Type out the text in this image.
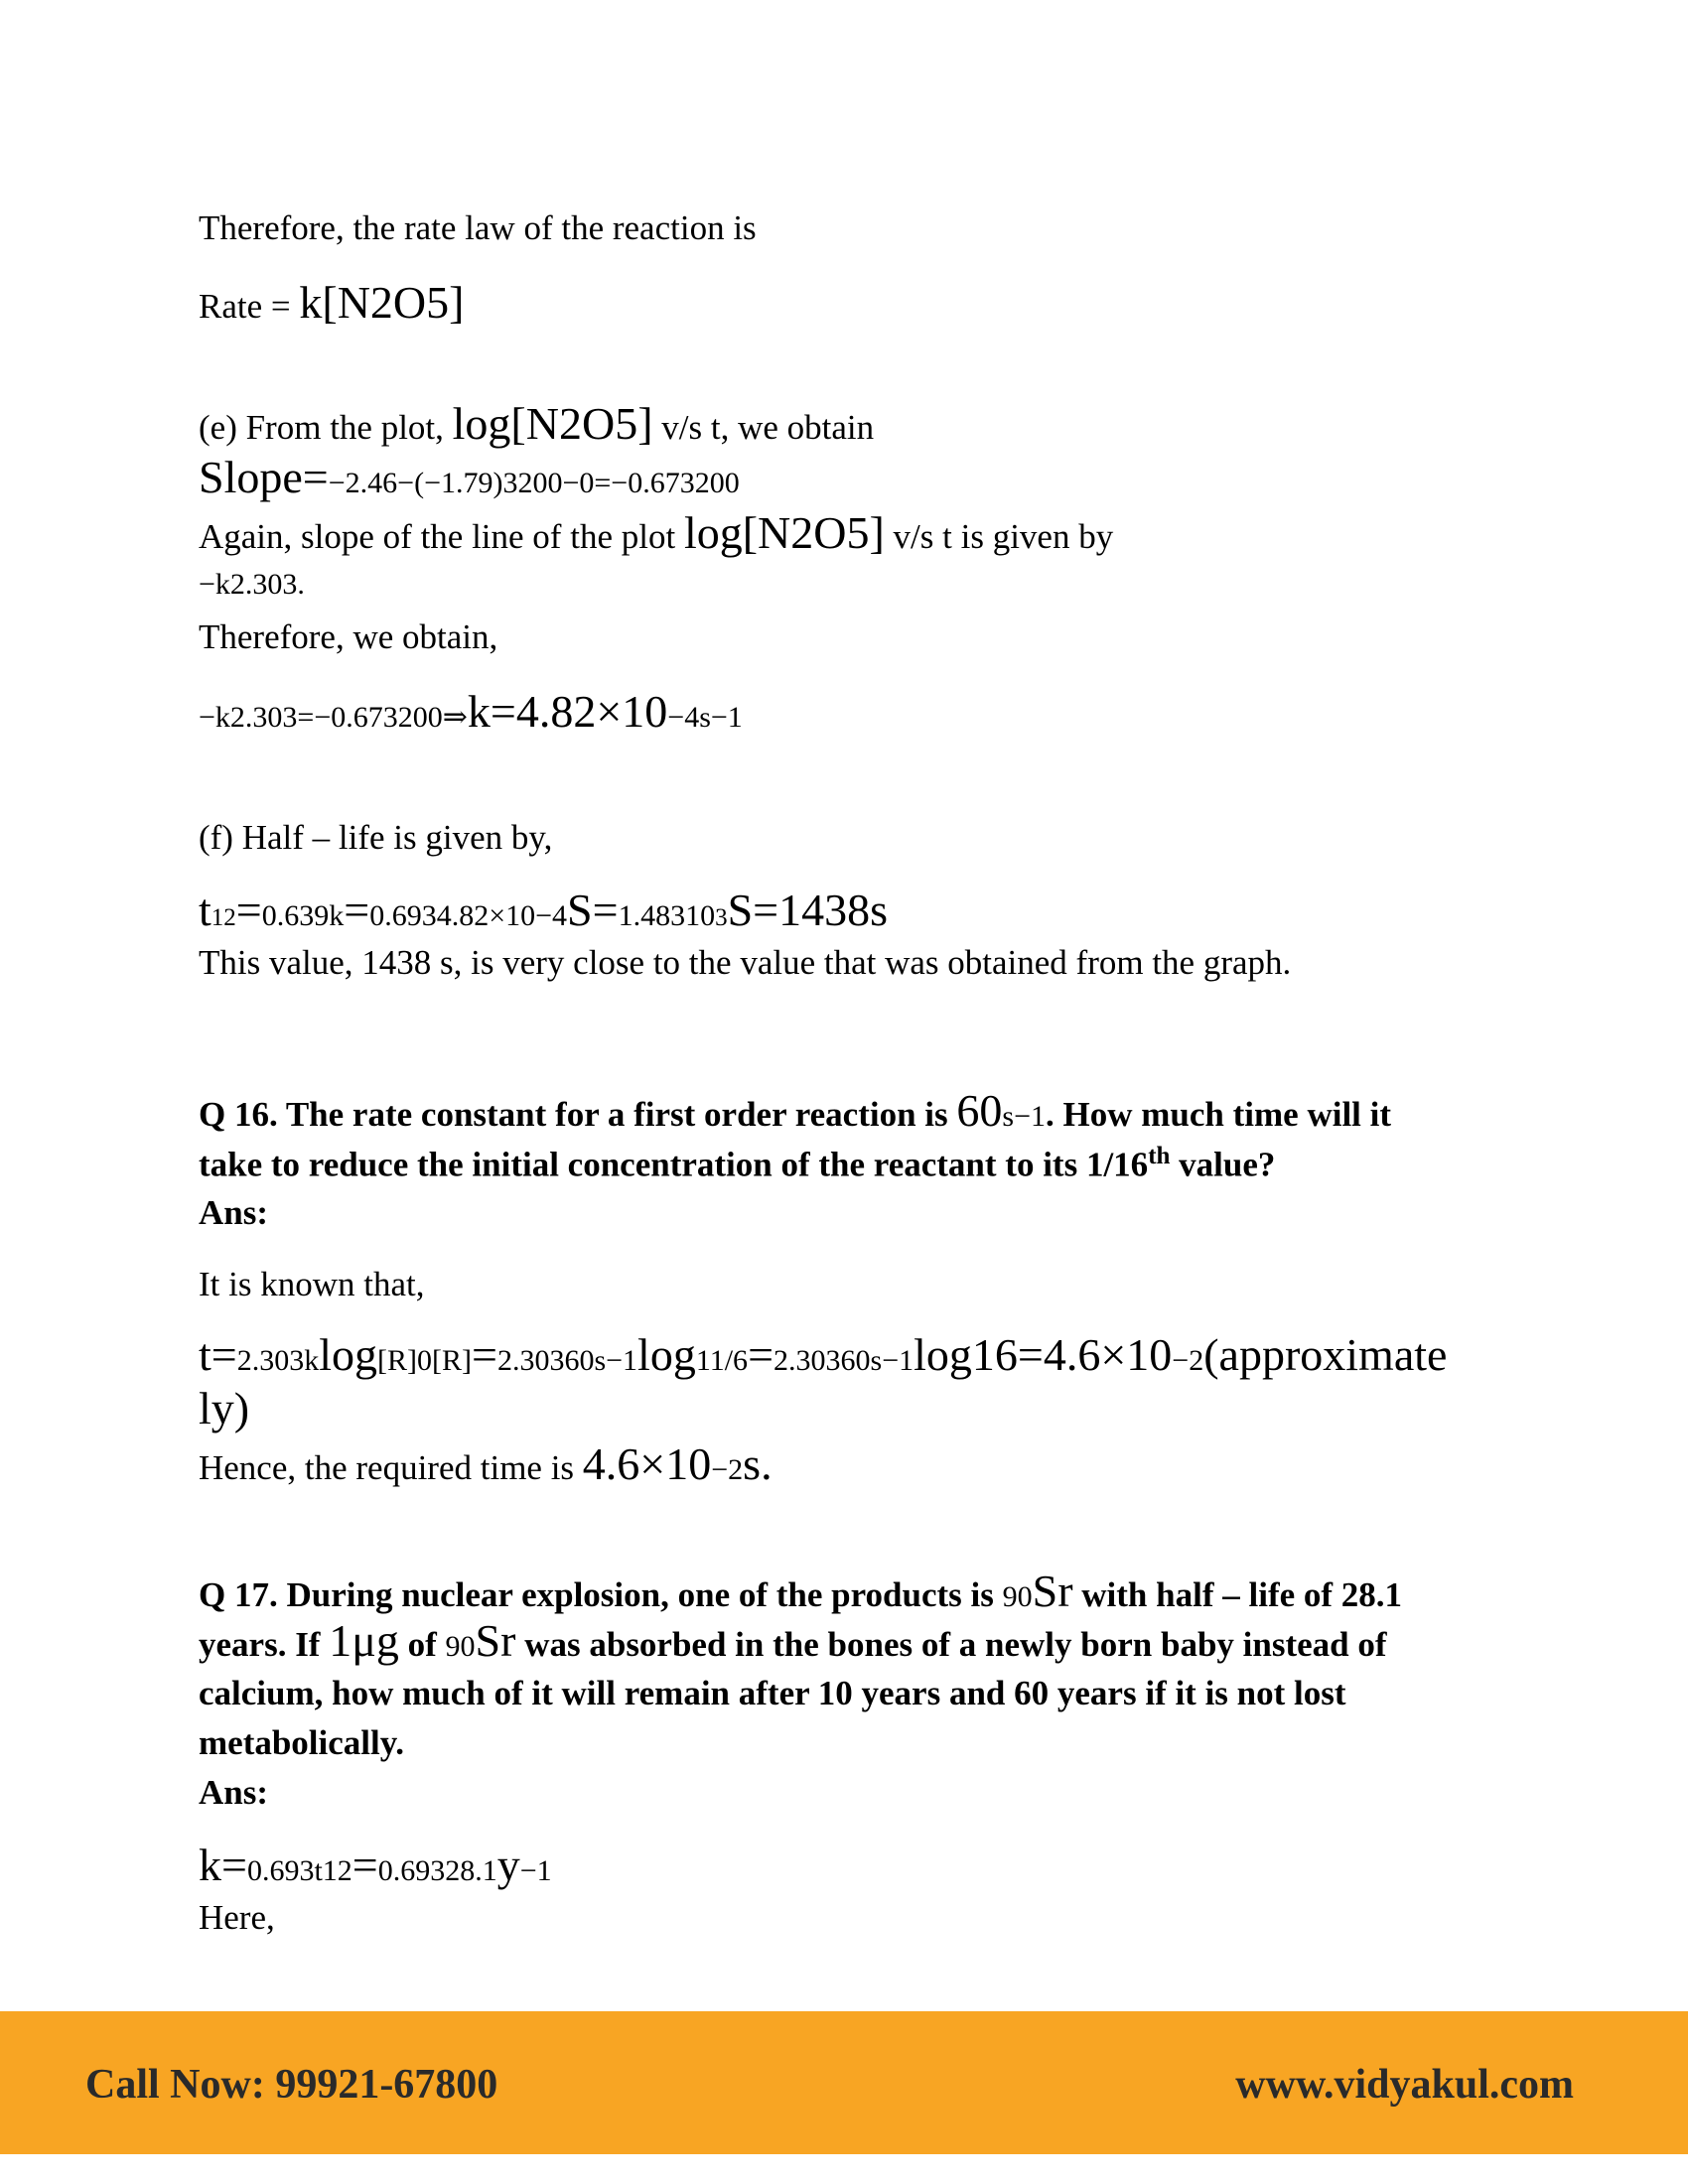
Therefore, the rate law of the reaction is
Rate = k[N2O5]
(e) From the plot, log[N2O5] v/s t, we obtain
Slope=−2.46−(−1.79)3200−0=−0.673200
Again, slope of the line of the plot log[N2O5] v/s t is given by
−k2.303.
Therefore, we obtain,
−k2.303=−0.673200⇒k=4.82×10−4s−1
(f) Half – life is given by,
t12=0.639k=0.6934.82×10−4S=1.483103S=1438s
This value, 1438 s, is very close to the value that was obtained from the graph.
Q 16. The rate constant for a first order reaction is 60s−1. How much time will it
take to reduce the initial concentration of the reactant to its 1/16th value?
Ans:
It is known that,
t=2.303klog[R]0[R]=2.30360s−1log11/6=2.30360s−1log16=4.6×10−2(approximate
ly)
Hence, the required time is 4.6×10−2s.
Q 17. During nuclear explosion, one of the products is 90Sr with half – life of 28.1
years. If 1μg of 90Sr was absorbed in the bones of a newly born baby instead of
calcium, how much of it will remain after 10 years and 60 years if it is not lost
metabolically.
Ans:
k=0.693t12=0.69328.1y−1
Here,
Call Now: 99921-67800	www.vidyakul.com
